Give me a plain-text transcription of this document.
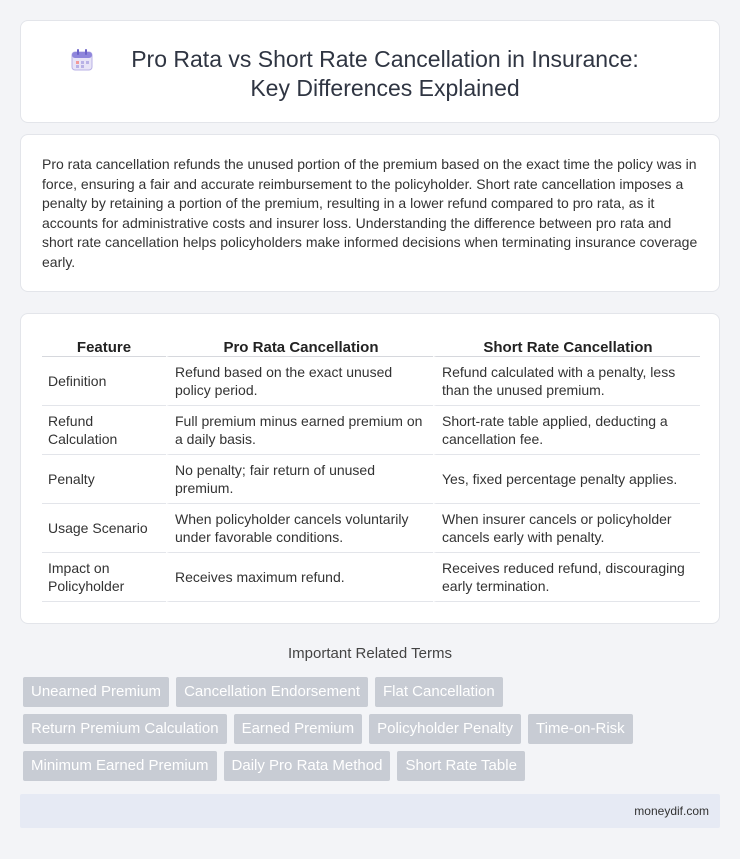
Pro Rata vs Short Rate Cancellation in Insurance: Key Differences Explained

Pro rata cancellation refunds the unused portion of the premium based on the exact time the policy was in force, ensuring a fair and accurate reimbursement to the policyholder. Short rate cancellation imposes a penalty by retaining a portion of the premium, resulting in a lower refund compared to pro rata, as it accounts for administrative costs and insurer loss. Understanding the difference between pro rata and short rate cancellation helps policyholders make informed decisions when terminating insurance coverage early.

Feature	Pro Rata Cancellation	Short Rate Cancellation
Definition	Refund based on the exact unused policy period.	Refund calculated with a penalty, less than the unused premium.
Refund Calculation	Full premium minus earned premium on a daily basis.	Short-rate table applied, deducting a cancellation fee.
Penalty	No penalty; fair return of unused premium.	Yes, fixed percentage penalty applies.
Usage Scenario	When policyholder cancels voluntarily under favorable conditions.	When insurer cancels or policyholder cancels early with penalty.
Impact on Policyholder	Receives maximum refund.	Receives reduced refund, discouraging early termination.
Important Related Terms
Unearned Premium	Cancellation Endorsement	Flat Cancellation
Return Premium Calculation	Earned Premium	Policyholder Penalty	Time-on-Risk
Minimum Earned Premium	Daily Pro Rata Method	Short Rate Table
moneydif.com
